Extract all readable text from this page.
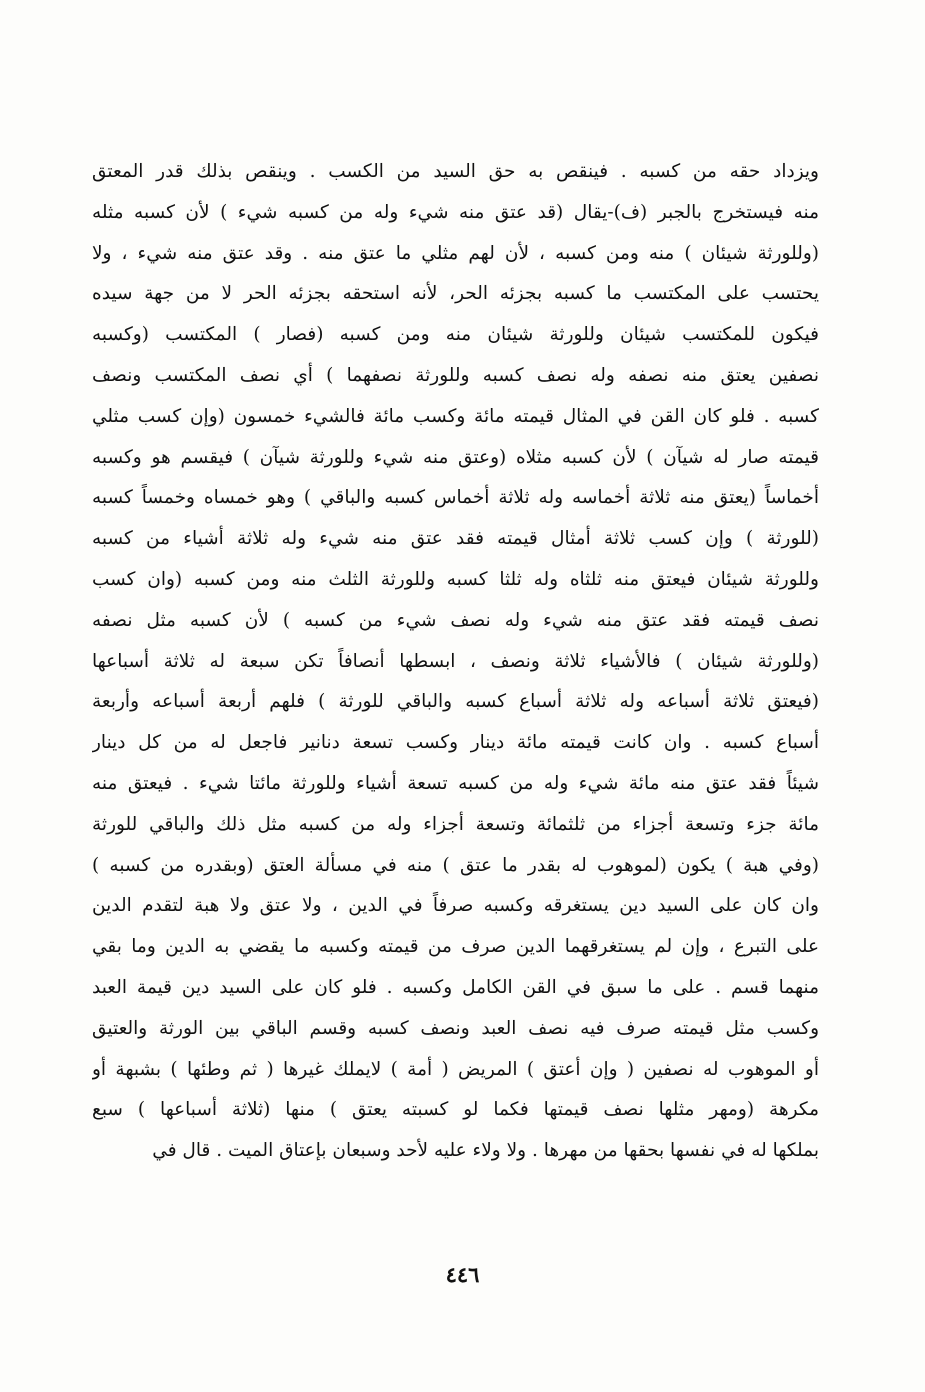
ويزداد حقه من كسبه . فينقص به حق السيد من الكسب . وينقص بذلك قدر المعتق
منه فيستخرج بالجبر (ف)-يقال (قد عتق منه شيء وله من كسبه شيء ) لأن كسبه مثله
(وللورثة شيئان ) منه ومن كسبه ، لأن لهم مثلي ما عتق منه . وقد عتق منه شيء ، ولا
يحتسب على المكتسب ما كسبه بجزئه الحر، لأنه استحقه بجزئه الحر لا من جهة سيده
فيكون للمكتسب شيئان وللورثة شيئان منه ومن كسبه (فصار ) المكتسب (وكسبه
نصفين يعتق منه نصفه وله نصف كسبه وللورثة نصفهما ) أي نصف المكتسب ونصف
كسبه . فلو كان القن في المثال قيمته مائة وكسب مائة فالشيء خمسون (وإن كسب مثلي
قيمته صار له شيآن ) لأن كسبه مثلاه (وعتق منه شيء وللورثة شيآن ) فيقسم هو وكسبه
أخماساً (يعتق منه ثلاثة أخماسه وله ثلاثة أخماس كسبه والباقي ) وهو خمساه وخمساً كسبه
(للورثة ) وإن كسب ثلاثة أمثال قيمته فقد عتق منه شيء وله ثلاثة أشياء من كسبه
وللورثة شيئان فيعتق منه ثلثاه وله ثلثا كسبه وللورثة الثلث منه ومن كسبه (وان كسب
نصف قيمته فقد عتق منه شيء وله نصف شيء من كسبه ) لأن كسبه مثل نصفه
(وللورثة شيئان ) فالأشياء ثلاثة ونصف ، ابسطها أنصافاً تكن سبعة له ثلاثة أسباعها
(فيعتق ثلاثة أسباعه وله ثلاثة أسباع كسبه والباقي للورثة ) فلهم أربعة أسباعه وأربعة
أسباع كسبه . وان كانت قيمته مائة دينار وكسب تسعة دنانير فاجعل له من كل دينار
شيئاً فقد عتق منه مائة شيء وله من كسبه تسعة أشياء وللورثة مائتا شيء . فيعتق منه
مائة جزء وتسعة أجزاء من ثلثمائة وتسعة أجزاء وله من كسبه مثل ذلك والباقي للورثة
(وفي هبة ) يكون (لموهوب له بقدر ما عتق ) منه في مسألة العتق (وبقدره من كسبه )
وان كان على السيد دين يستغرقه وكسبه صرفاً في الدين ، ولا عتق ولا هبة لتقدم الدين
على التبرع ، وإن لم يستغرقهما الدين صرف من قيمته وكسبه ما يقضي به الدين وما بقي
منهما قسم . على ما سبق في القن الكامل وكسبه . فلو كان على السيد دين قيمة العبد
وكسب مثل قيمته صرف فيه نصف العبد ونصف كسبه وقسم الباقي بين الورثة والعتيق
أو الموهوب له نصفين ( وإن أعتق ) المريض ( أمة ) لايملك غيرها ( ثم وطئها ) بشبهة أو
مكرهة (ومهر مثلها نصف قيمتها فكما لو كسبته يعتق ) منها (ثلاثة أسباعها ) سبع
بملكها له في نفسها بحقها من مهرها . ولا ولاء عليه لأحد وسبعان بإعتاق الميت . قال في
٤٤٦
